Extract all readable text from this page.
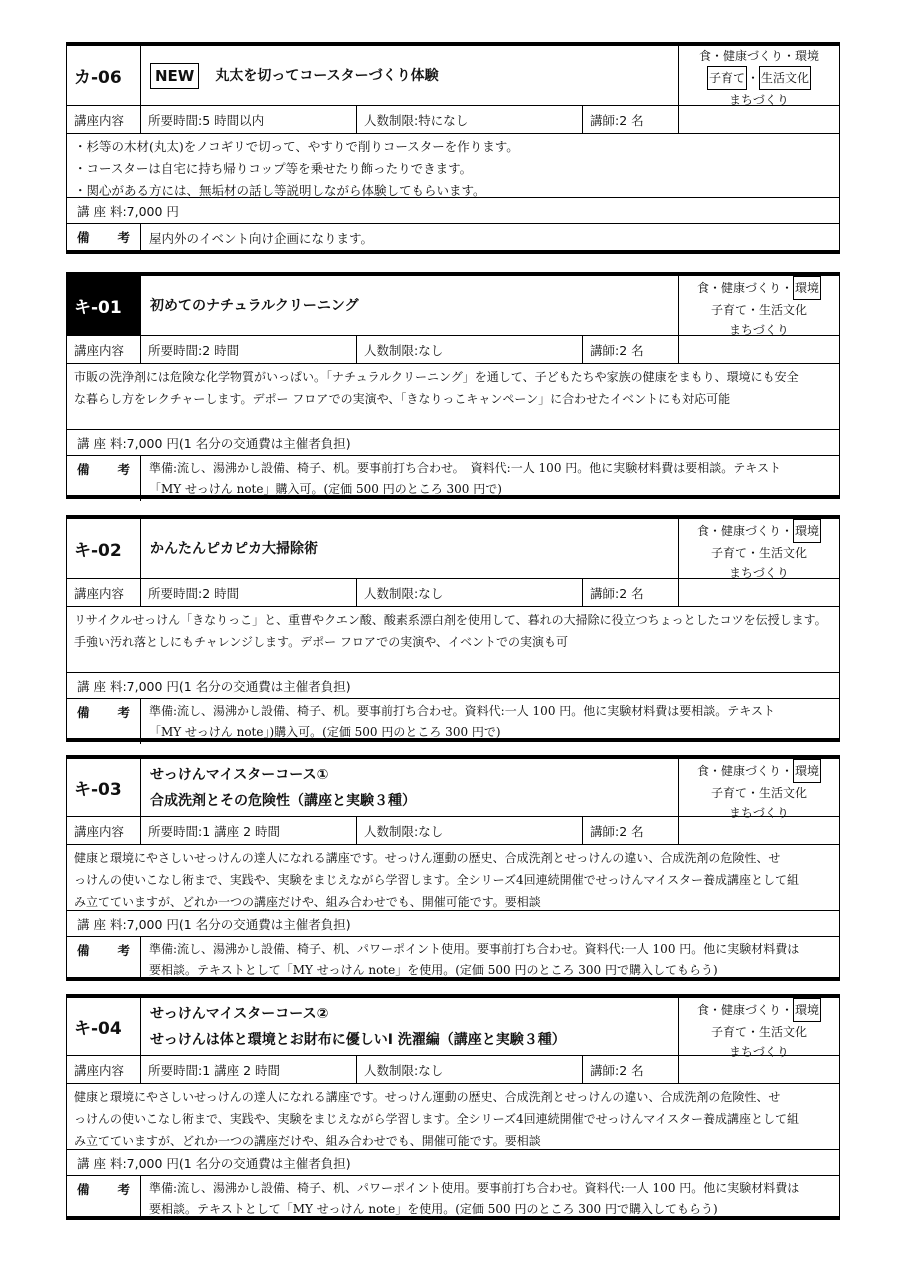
カ-06	NEW	丸太を切ってコースターづくり体験
食・健康づくり・環境
子育て ・ 生活文化
まちづくり
講座内容	所要時間:5 時間以内	人数制限:特になし	講師:2 名
・杉等の木材(丸太)をノコギリで切って、やすりで削りコースターを作ります。
・コースターは自宅に持ち帰りコップ等を乗せたり飾ったりできます。
・関心がある方には、無垢材の話し等説明しながら体験してもらいます。
講 座 料:7,000 円
備 考	屋内外のイベント向け企画になります。
キ-01	初めてのナチュラルクリーニング
食・健康づくり・ 環境
子育て・生活文化
まちづくり
講座内容	所要時間:2 時間	人数制限:なし	講師:2 名
市販の洗浄剤には危険な化学物質がいっぱい。「ナチュラルクリーニング」を通して、子どもたちや家族の健康をまもり、環境にも安全
な暮らし方をレクチャーします。デポー フロアでの実演や、「きなりっこキャンペーン」に合わせたイベントにも対応可能
講 座 料:7,000 円(1 名分の交通費は主催者負担)
備 考 準備:流し、湯沸かし設備、椅子、机。要事前打ち合わせ。　資料代:一人 100 円。他に実験材料費は要相談。テキスト
「MY せっけん note」購入可。(定価 500 円のところ 300 円で)
キ-02	かんたんピカピカ大掃除術
食・健康づくり・ 環境
子育て・生活文化
まちづくり
講座内容	所要時間:2 時間	人数制限:なし	講師:2 名
リサイクルせっけん「きなりっこ」と、重曹やクエン酸、酸素系漂白剤を使用して、暮れの大掃除に役立つちょっとしたコツを伝授します。
手強い汚れ落としにもチャレンジします。デポー フロアでの実演や、イベントでの実演も可
講 座 料:7,000 円(1 名分の交通費は主催者負担)
備 考 準備:流し、湯沸かし設備、椅子、机。要事前打ち合わせ。資料代:一人 100 円。他に実験材料費は要相談。テキスト
「MY せっけん note」)購入可。(定価 500 円のところ 300 円で)
キ-03
せっけんマイスターコース①
合成洗剤とその危険性（講座と実験３種）
食・健康づくり・ 環境
子育て・生活文化
まちづくり
講座内容	所要時間:1 講座 2 時間	人数制限:なし	講師:2 名
健康と環境にやさしいせっけんの達人になれる講座です。せっけん運動の歴史、合成洗剤とせっけんの違い、合成洗剤の危険性、せ
っけんの使いこなし術まで、実践や、実験をまじえながら学習します。全シリーズ4回連続開催でせっけんマイスター養成講座として組
み立てていますが、どれか一つの講座だけや、組み合わせでも、開催可能です。要相談
講 座 料:7,000 円(1 名分の交通費は主催者負担)
備 考 準備:流し、湯沸かし設備、椅子、机、パワーポイント使用。要事前打ち合わせ。資料代:一人 100 円。他に実験材料費は
要相談。テキストとして「MY せっけん note」を使用。(定価 500 円のところ 300 円で購入してもらう)
キ-04
せっけんマイスターコース②
せっけんは体と環境とお財布に優しいⅠ 洗濯編（講座と実験３種）
食・健康づくり・ 環境
子育て・生活文化
まちづくり
講座内容	所要時間:1 講座 2 時間	人数制限:なし	講師:2 名
健康と環境にやさしいせっけんの達人になれる講座です。せっけん運動の歴史、合成洗剤とせっけんの違い、合成洗剤の危険性、せ
っけんの使いこなし術まで、実践や、実験をまじえながら学習します。全シリーズ4回連続開催でせっけんマイスター養成講座として組
み立てていますが、どれか一つの講座だけや、組み合わせでも、開催可能です。要相談
講 座 料:7,000 円(1 名分の交通費は主催者負担)
備 考 準備:流し、湯沸かし設備、椅子、机、パワーポイント使用。要事前打ち合わせ。資料代:一人 100 円。他に実験材料費は
要相談。テキストとして「MY せっけん note」を使用。(定価 500 円のところ 300 円で購入してもらう)
